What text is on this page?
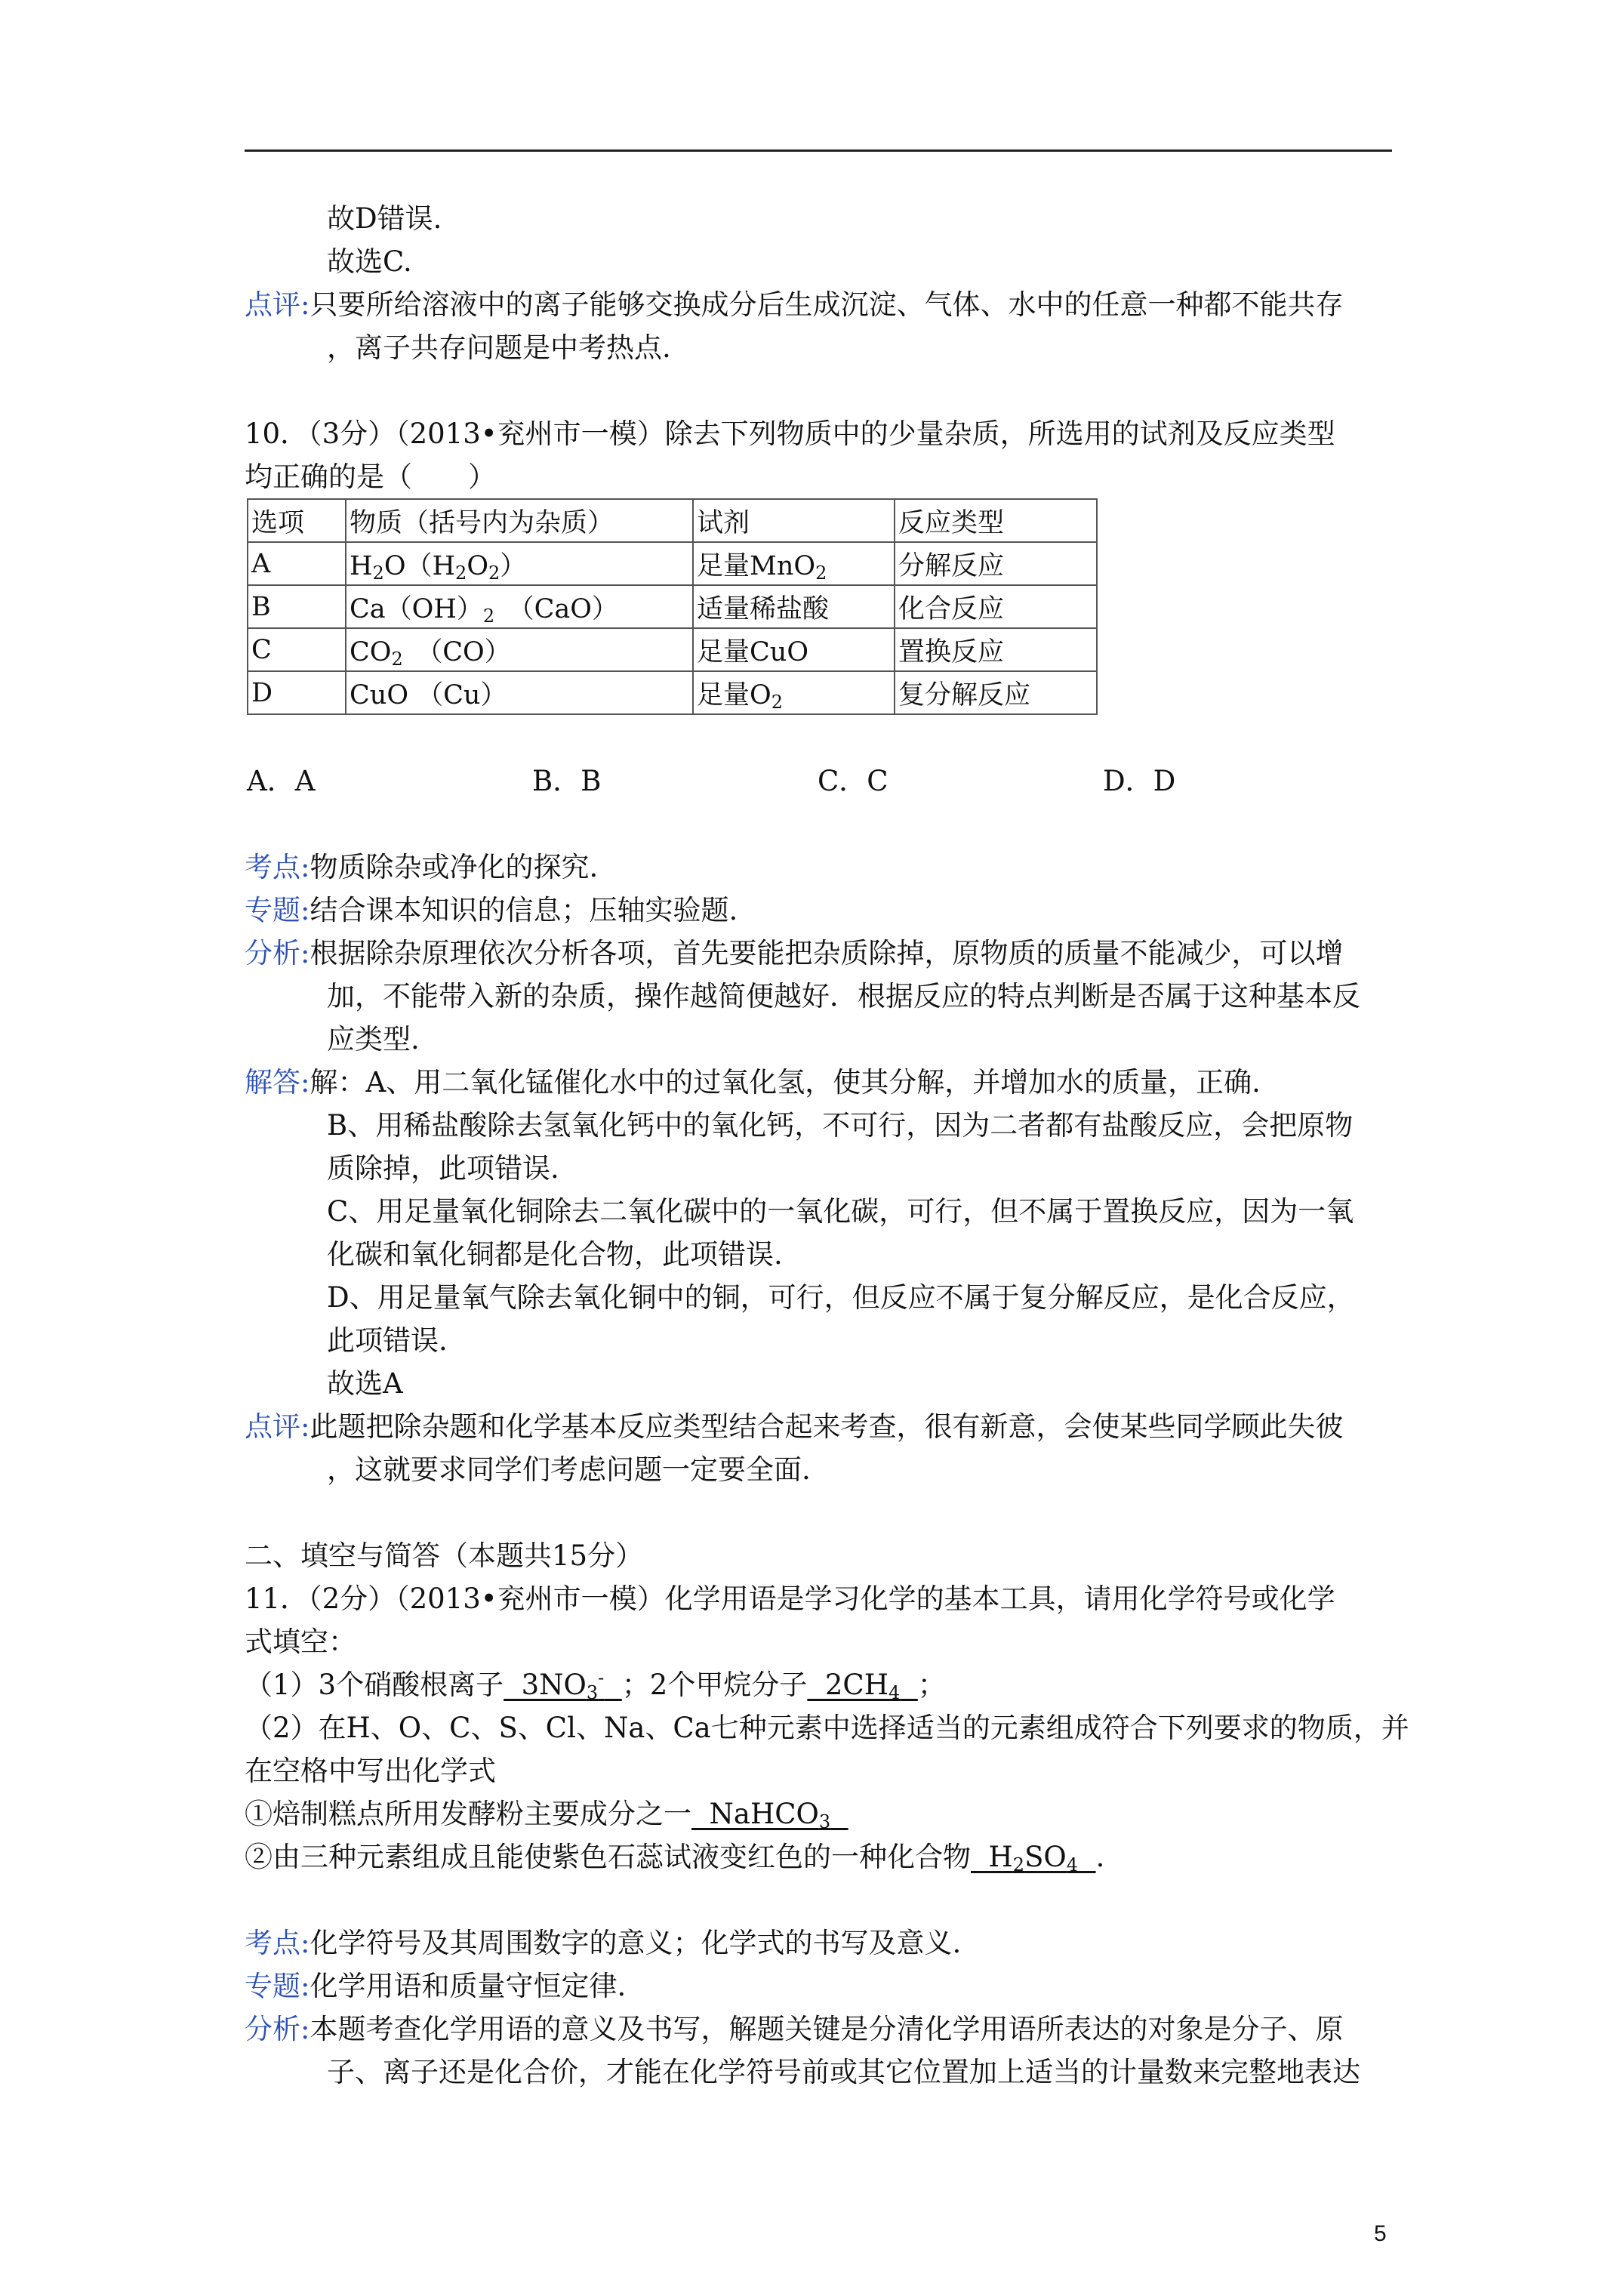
故D错误.
故选C.
点评:只要所给溶液中的离子能够交换成分后生成沉淀、气体、水中的任意一种都不能共存
，离子共存问题是中考热点.
10．（3分）（2013•兖州市一模）除去下列物质中的少量杂质，所选用的试剂及反应类型
均正确的是（　　）
选项	物质（括号内为杂质）	试剂	反应类型
A	$H_2O(H_2O_2)$	足量MnO$_2$	分解反应
B	$Ca(OH)_2$　（CaO）	适量稀盐酸	化合反应
C	$CO_2$　（CO）	足量CuO	置换反应
D	CuO （Cu）	足量$O_2$	复分解反应
A．A	B．B	C．C	D．D
考点:物质除杂或净化的探究.
专题:结合课本知识的信息；压轴实验题.
分析:根据除杂原理依次分析各项，首先要能把杂质除掉，原物质的质量不能减少，可以增
加，不能带入新的杂质，操作越简便越好．根据反应的特点判断是否属于这种基本反
应类型.
解答:解：A、用二氧化锰催化水中的过氧化氢，使其分解，并增加水的质量，正确.
B、用稀盐酸除去氢氧化钙中的氧化钙，不可行，因为二者都有盐酸反应，会把原物
质除掉，此项错误.
C、用足量氧化铜除去二氧化碳中的一氧化碳，可行，但不属于置换反应，因为一氧
化碳和氧化铜都是化合物，此项错误.
D、用足量氧气除去氧化铜中的铜，可行，但反应不属于复分解反应，是化合反应，
此项错误.
故选A
点评:此题把除杂题和化学基本反应类型结合起来考查，很有新意，会使某些同学顾此失彼
，这就要求同学们考虑问题一定要全面.
二、填空与简答（本题共15分）
11．（2分）（2013•兖州市一模）化学用语是学习化学的基本工具，请用化学符号或化学
式填空：
（1）3个硝酸根离子  $3NO_3^-$ ；2个甲烷分子  $2CH_4$ ；
（2）在H、O、C、S、Cl、Na、Ca七种元素中选择适当的元素组成符合下列要求的物质，并
在空格中写出化学式
①焙制糕点所用发酵粉主要成分之一  NaHCO$_3$
②由三种元素组成且能使紫色石蕊试液变红色的一种化合物  $H_2SO_4$ .
考点:化学符号及其周围数字的意义；化学式的书写及意义.
专题:化学用语和质量守恒定律.
分析:本题考查化学用语的意义及书写，解题关键是分清化学用语所表达的对象是分子、原
子、离子还是化合价，才能在化学符号前或其它位置加上适当的计量数来完整地表达
5
